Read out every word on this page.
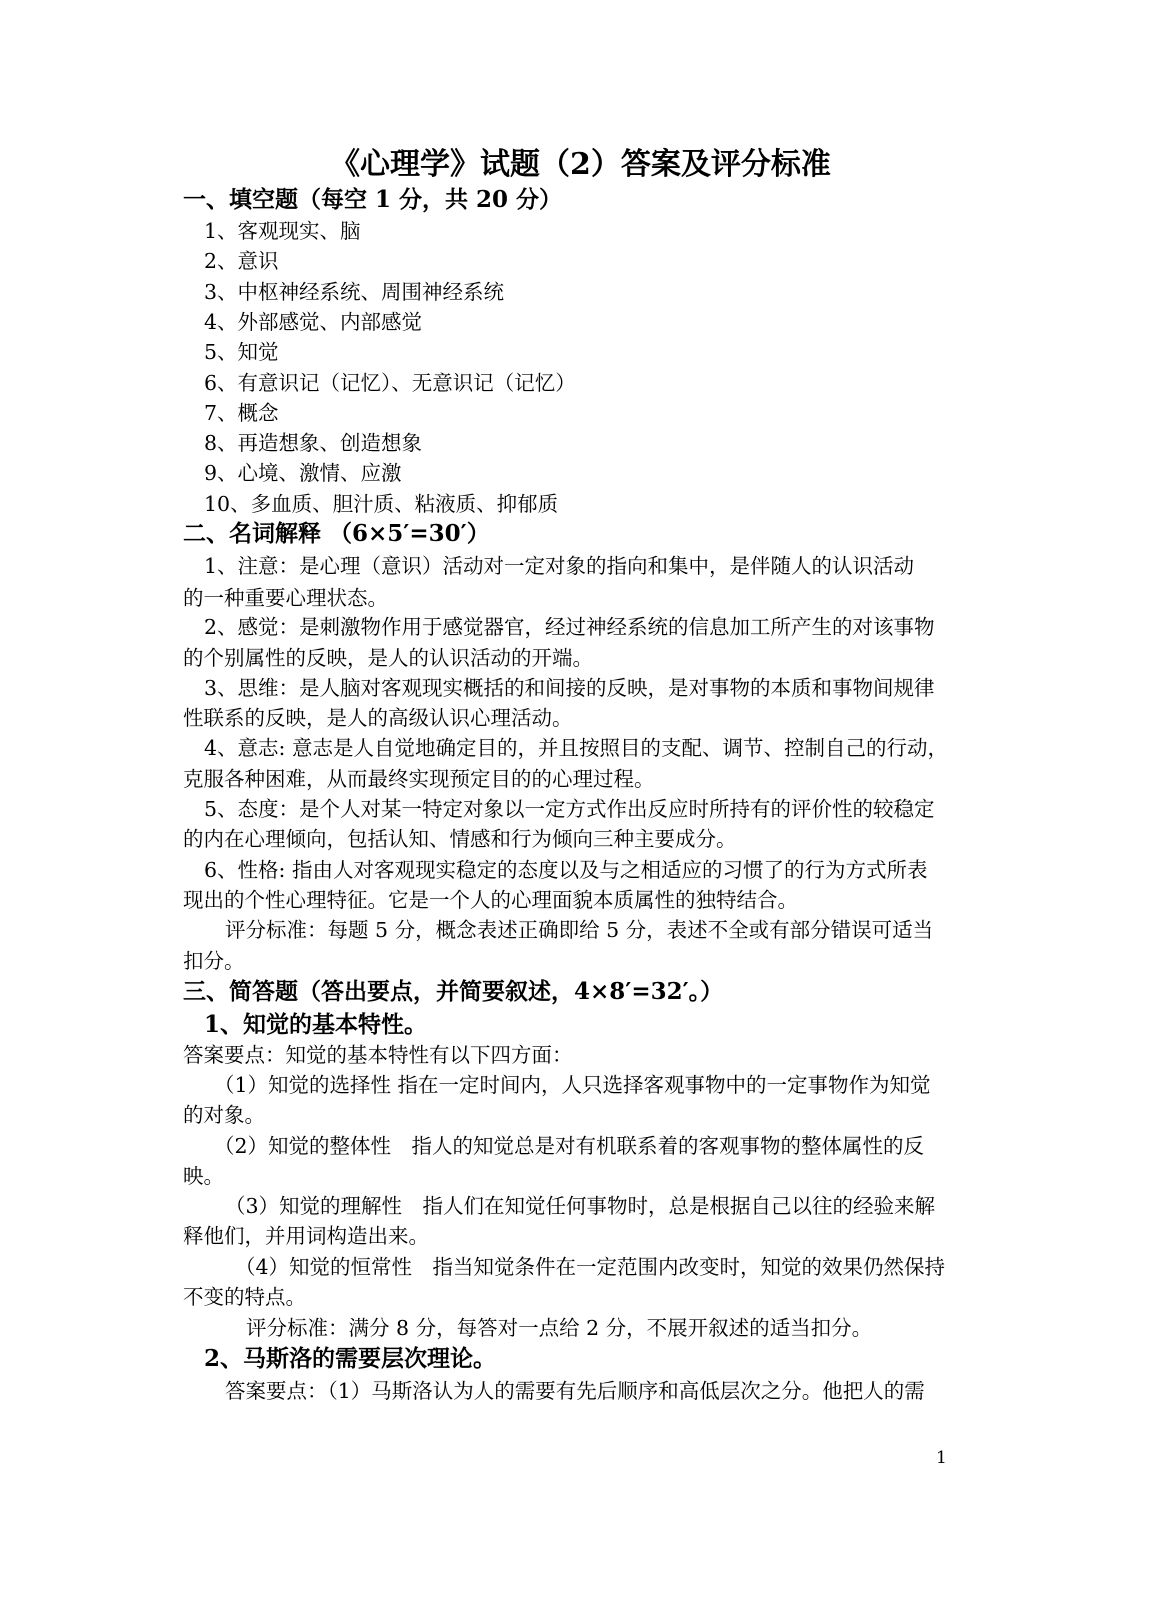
《心理学》试题（2）答案及评分标准
一、填空题（每空 1 分，共 20 分）
1、客观现实、脑
2、意识
3、中枢神经系统、周围神经系统
4、外部感觉、内部感觉
5、知觉
6、有意识记（记忆）、无意识记（记忆）
7、概念
8、再造想象、创造想象
9、心境、激情、应激
10、多血质、胆汁质、粘液质、抑郁质
二、名词解释 （6×5′=30′）
1、注意：是心理（意识）活动对一定对象的指向和集中，是伴随人的认识活动
的一种重要心理状态。
2、感觉：是刺激物作用于感觉器官，经过神经系统的信息加工所产生的对该事物
的个别属性的反映，是人的认识活动的开端。
3、思维：是人脑对客观现实概括的和间接的反映，是对事物的本质和事物间规律
性联系的反映，是人的高级认识心理活动。
4、意志: 意志是人自觉地确定目的，并且按照目的支配、调节、控制自己的行动，
克服各种困难，从而最终实现预定目的的心理过程。
5、态度：是个人对某一特定对象以一定方式作出反应时所持有的评价性的较稳定
的内在心理倾向，包括认知、情感和行为倾向三种主要成分。
6、性格: 指由人对客观现实稳定的态度以及与之相适应的习惯了的行为方式所表
现出的个性心理特征。它是一个人的心理面貌本质属性的独特结合。
评分标准：每题 5 分，概念表述正确即给 5 分，表述不全或有部分错误可适当
扣分。
三、简答题（答出要点，并简要叙述，4×8′=32′。）
1、知觉的基本特性。
答案要点：知觉的基本特性有以下四方面：
（1）知觉的选择性 指在一定时间内，人只选择客观事物中的一定事物作为知觉
的对象。
（2）知觉的整体性　指人的知觉总是对有机联系着的客观事物的整体属性的反
映。
（3）知觉的理解性　指人们在知觉任何事物时，总是根据自己以往的经验来解
释他们，并用词构造出来。
（4）知觉的恒常性　指当知觉条件在一定范围内改变时，知觉的效果仍然保持
不变的特点。
评分标准：满分 8 分，每答对一点给 2 分，不展开叙述的适当扣分。
2、马斯洛的需要层次理论。
答案要点：（1）马斯洛认为人的需要有先后顺序和高低层次之分。他把人的需
1
